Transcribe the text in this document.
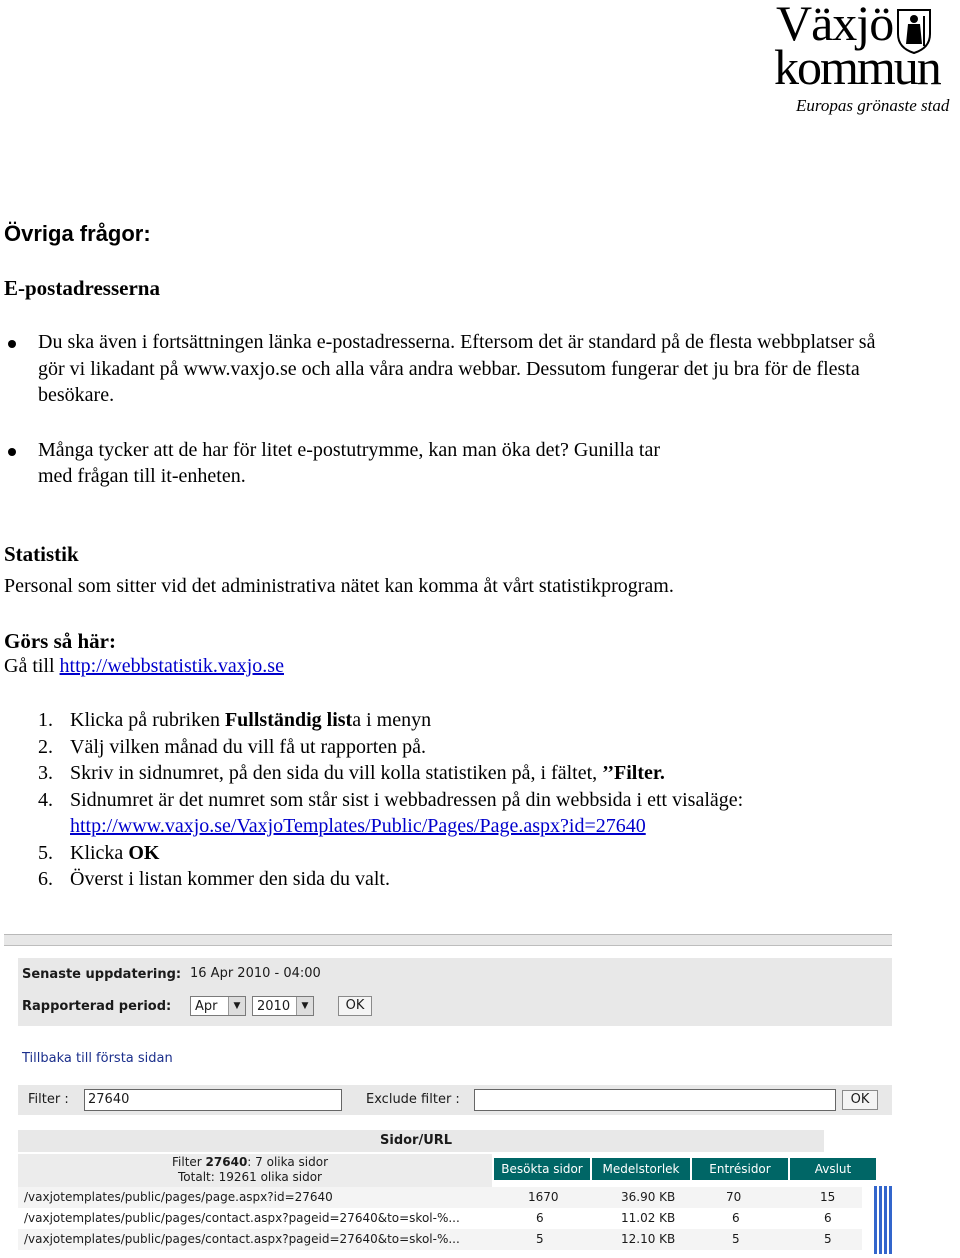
Växjö
kommun
Europas grönaste stad
Övriga frågor:
E-postadresserna
Du ska även i fortsättningen länka e-postadresserna. Eftersom det är standard på de flesta webbplatser så gör vi likadant på www.vaxjo.se och alla våra andra webbar. Dessutom fungerar det ju bra för de flesta besökare.
Många tycker att de har för litet e-postutrymme, kan man öka det? Gunilla tar med frågan till it-enheten.
Statistik
Personal som sitter vid det administrativa nätet kan komma åt vårt statistikprogram.
Görs så här:
Gå till http://webbstatistik.vaxjo.se
1. Klicka på rubriken Fullständig lista i menyn
2. Välj vilken månad du vill få ut rapporten på.
3. Skriv in sidnumret, på den sida du vill kolla statistiken på, i fältet, ’’Filter.
4. Sidnumret är det numret som står sist i webbadressen på din webbsida i ett visaläge:
http://www.vaxjo.se/VaxjoTemplates/Public/Pages/Page.aspx?id=27640
5. Klicka OK
6. Överst i listan kommer den sida du valt.
Senaste uppdatering: 16 Apr 2010 - 04:00
Rapporterad period:	Apr	▼	2010	▼	OK
Tillbaka till första sidan
Filter :	27640	Exclude filter :	OK
Sidor/URL
Filter 27640: 7 olika sidor
Totalt: 19261 olika sidor
Besökta sidor	Medelstorlek	Entrésidor	Avslut
/vaxjotemplates/public/pages/page.aspx?id=27640	1670	36.90 KB	70	15
/vaxjotemplates/public/pages/contact.aspx?pageid=27640&to=skol-%...	6	11.02 KB	6	6
/vaxjotemplates/public/pages/contact.aspx?pageid=27640&to=skol-%...	5	12.10 KB	5	5
